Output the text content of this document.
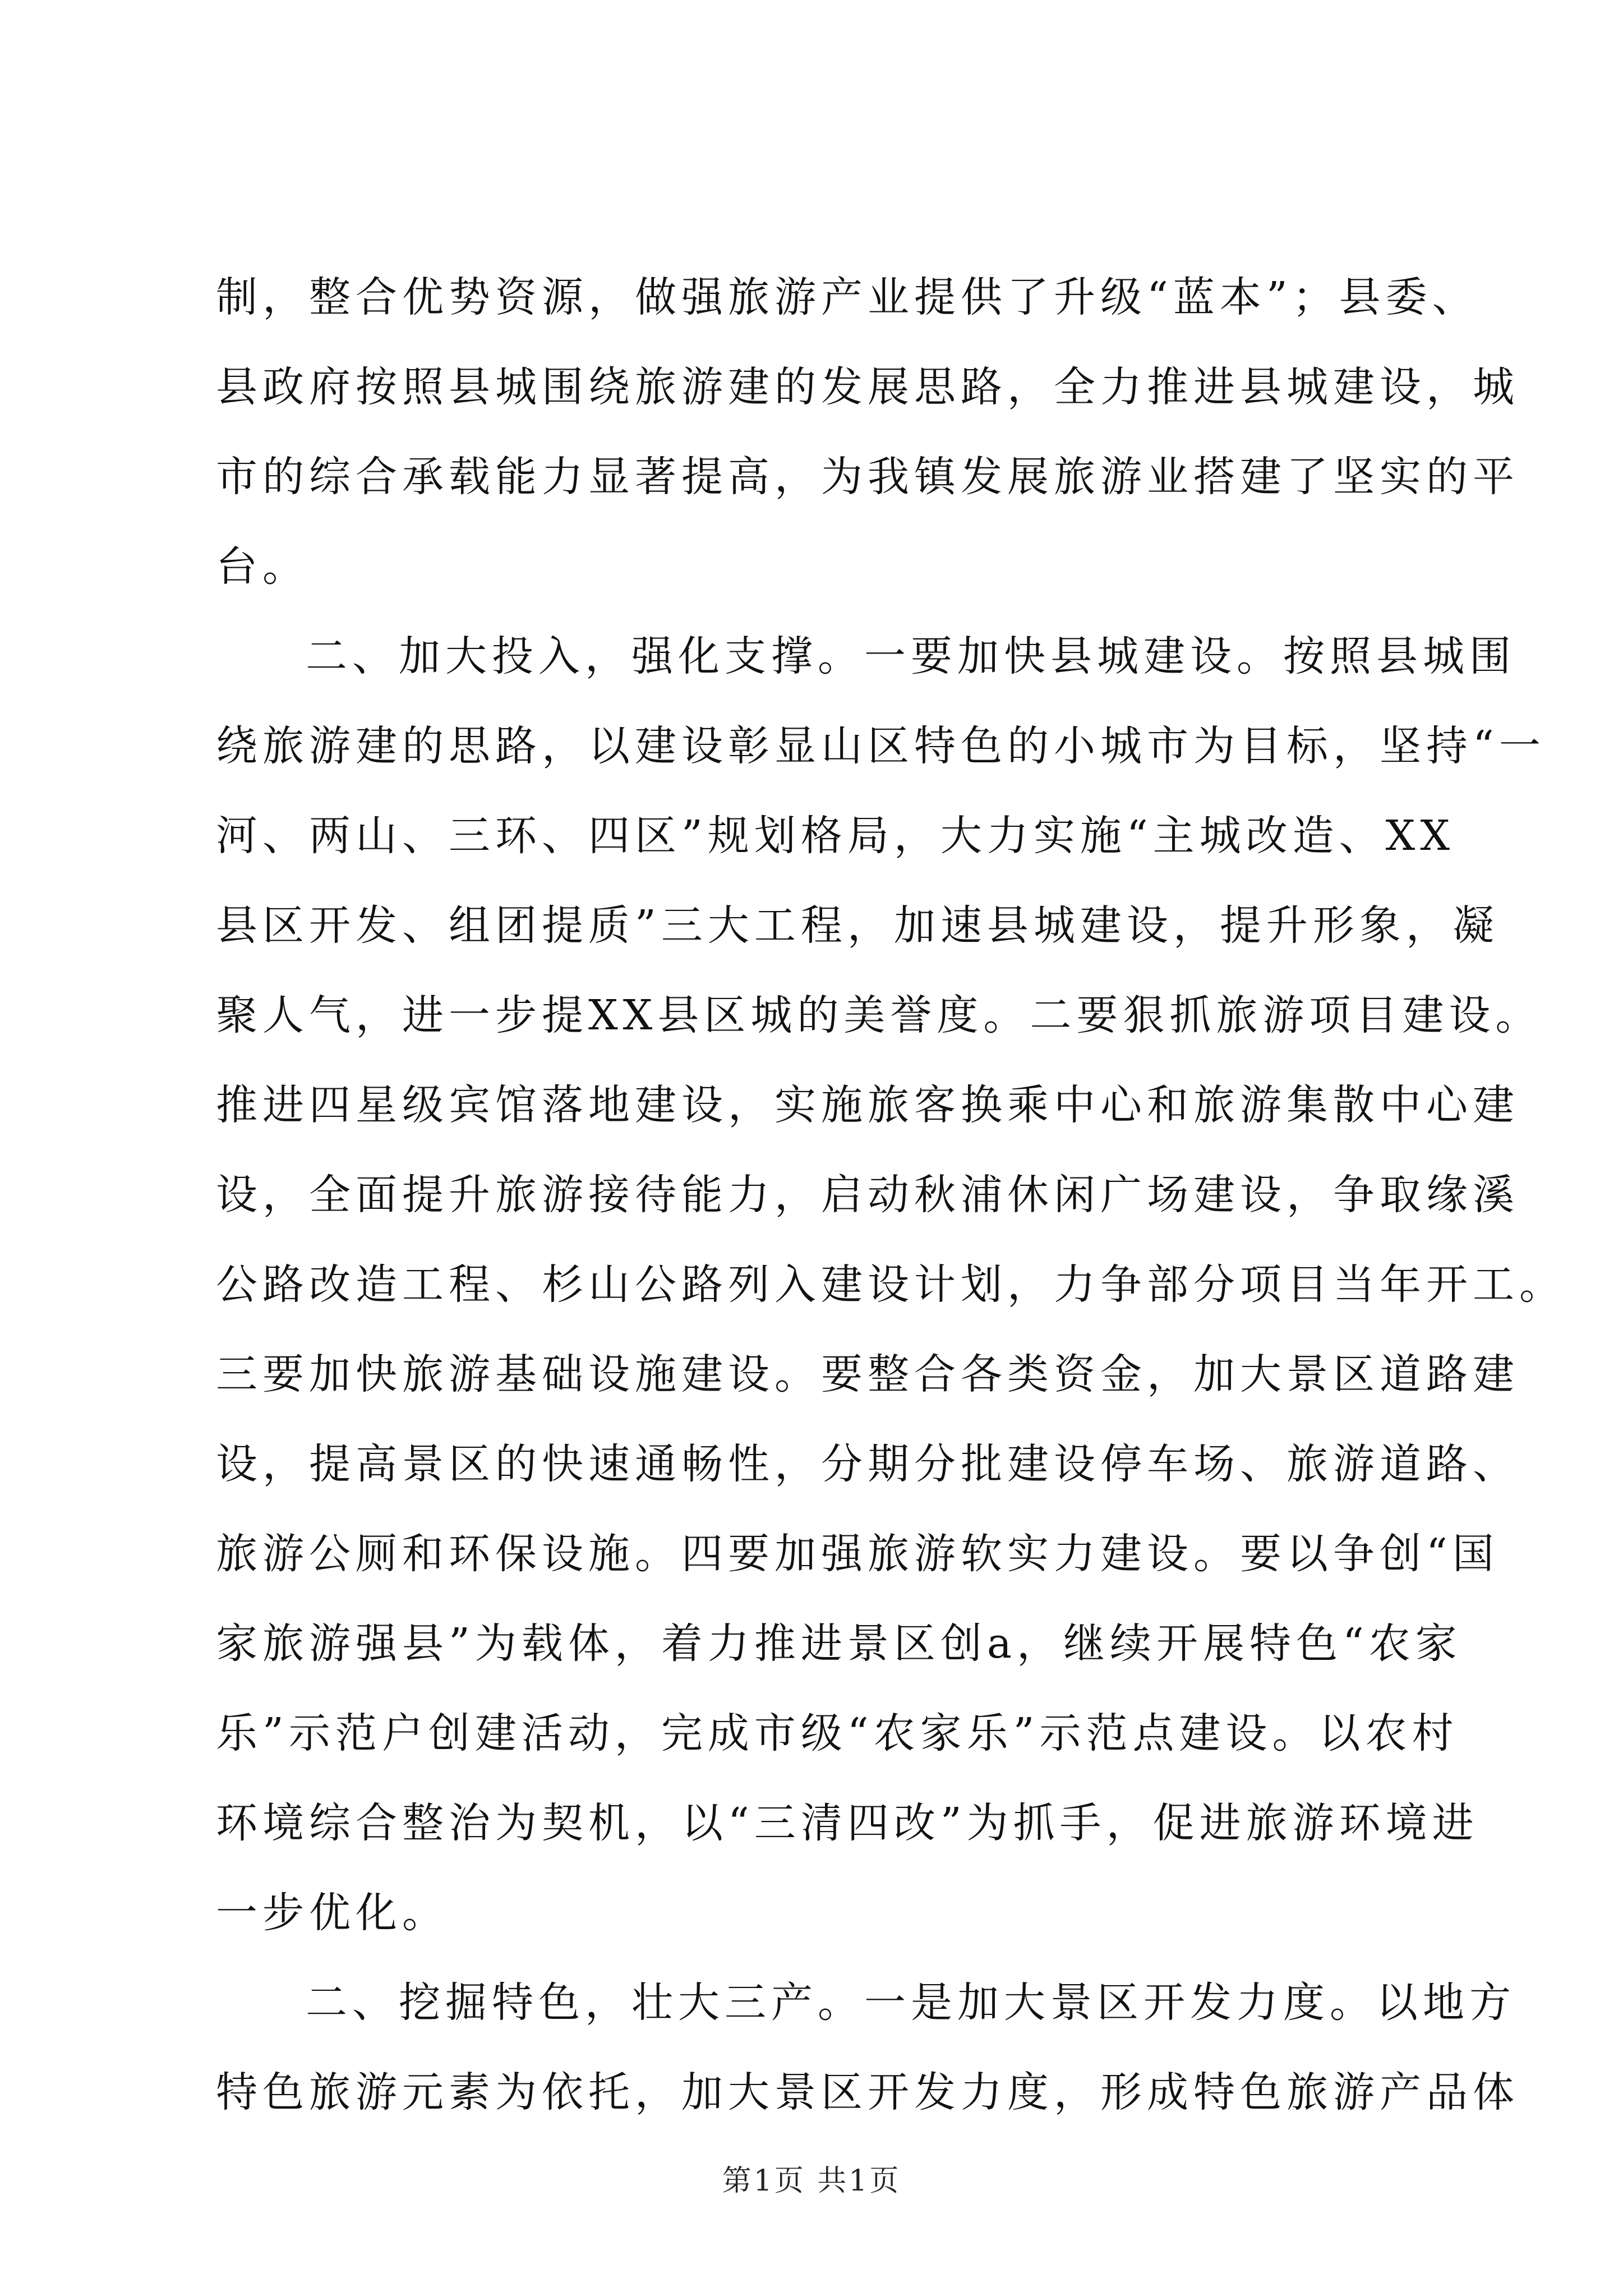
制，整合优势资源，做强旅游产业提供了升级“蓝本”；县委、
县政府按照县城围绕旅游建的发展思路，全力推进县城建设，城
市的综合承载能力显著提高，为我镇发展旅游业搭建了坚实的平
台。
二、加大投入，强化支撑。一要加快县城建设。按照县城围
绕旅游建的思路，以建设彰显山区特色的小城市为目标，坚持“一
河、两山、三环、四区”规划格局，大力实施“主城改造、XX
县区开发、组团提质”三大工程，加速县城建设，提升形象，凝
聚人气，进一步提XX县区城的美誉度。二要狠抓旅游项目建设。
推进四星级宾馆落地建设，实施旅客换乘中心和旅游集散中心建
设，全面提升旅游接待能力，启动秋浦休闲广场建设，争取缘溪
公路改造工程、杉山公路列入建设计划，力争部分项目当年开工。
三要加快旅游基础设施建设。要整合各类资金，加大景区道路建
设，提高景区的快速通畅性，分期分批建设停车场、旅游道路、
旅游公厕和环保设施。四要加强旅游软实力建设。要以争创“国
家旅游强县”为载体，着力推进景区创a，继续开展特色“农家
乐”示范户创建活动，完成市级“农家乐”示范点建设。以农村
环境综合整治为契机，以“三清四改”为抓手，促进旅游环境进
一步优化。
二、挖掘特色，壮大三产。一是加大景区开发力度。以地方
特色旅游元素为依托，加大景区开发力度，形成特色旅游产品体
第1页 共1页
